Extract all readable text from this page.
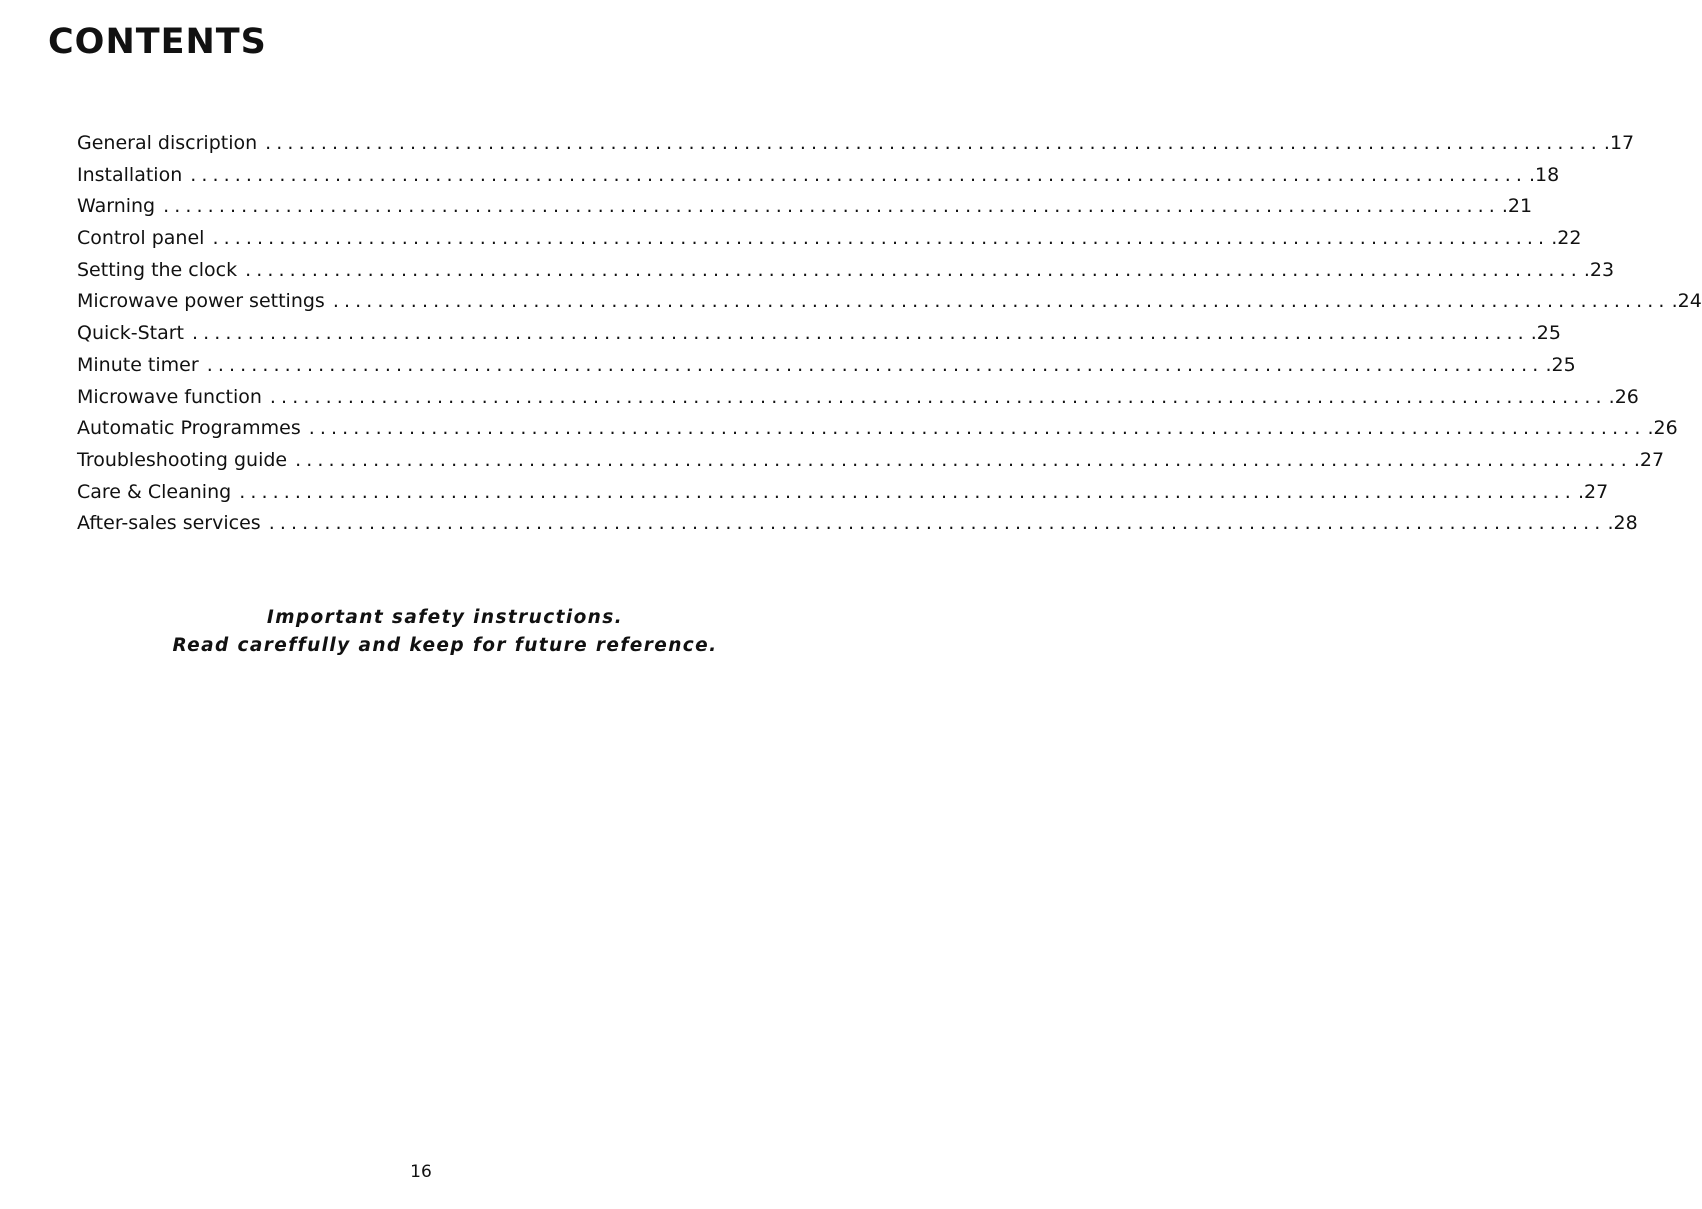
CONTENTS
General discription ........................................................................................................................ .17
Installation ........................................................................................................................ .18
Warning ........................................................................................................................ .21
Control panel ........................................................................................................................ .22
Setting the clock ........................................................................................................................ .23
Microwave power settings ........................................................................................................................ .24
Quick-Start ........................................................................................................................ .25
Minute timer ........................................................................................................................ .25
Microwave function ........................................................................................................................ .26
Automatic Programmes ........................................................................................................................ .26
Troubleshooting guide ........................................................................................................................ .27
Care & Cleaning ........................................................................................................................ .27
After-sales services ........................................................................................................................ .28
Important safety instructions.
Read careffully and keep for future reference.
16
